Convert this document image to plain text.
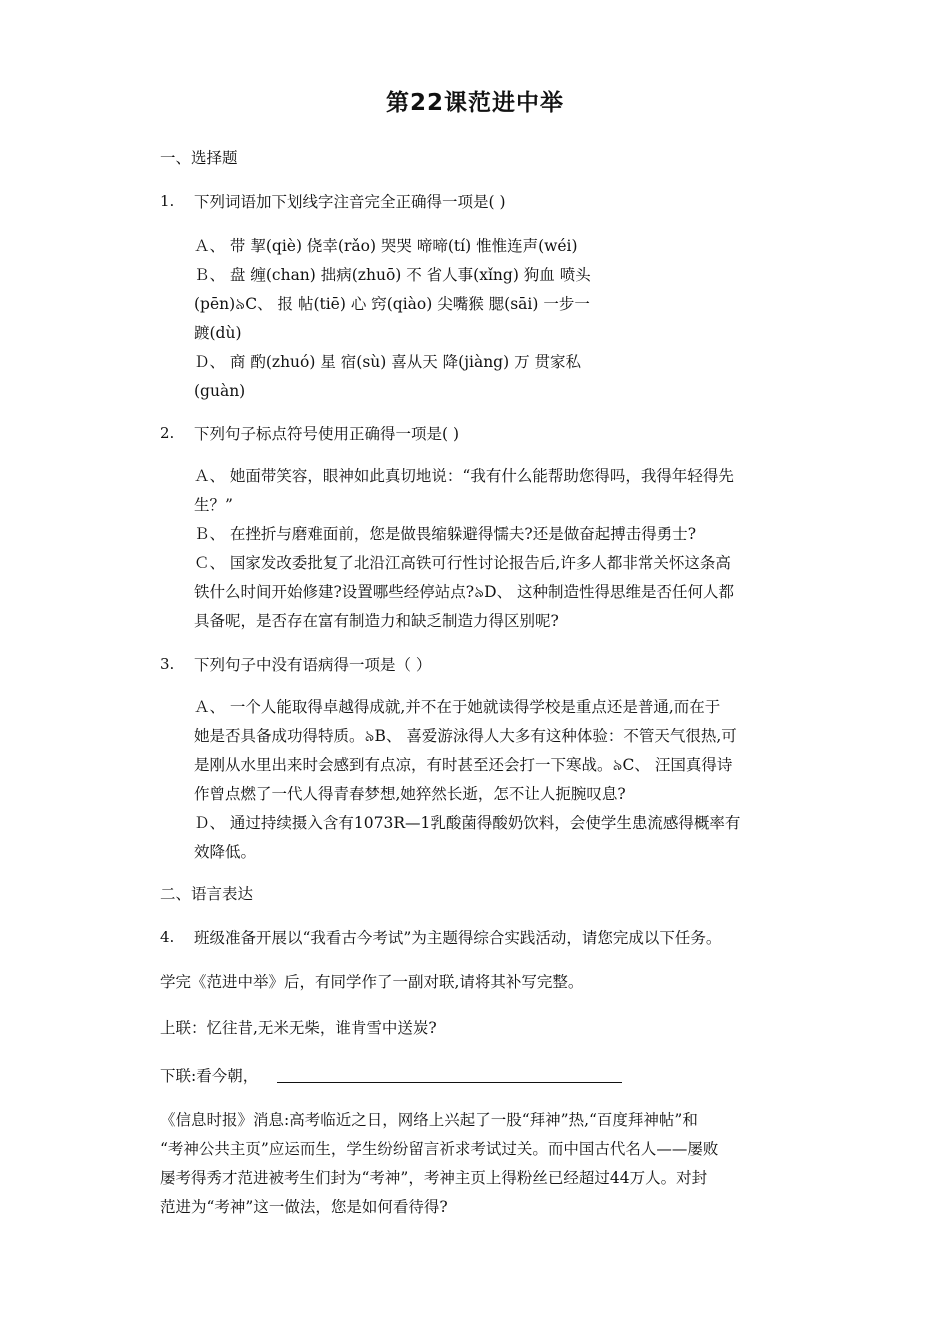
第22课范进中举
一、选择题
1. 下列词语加下划线字注音完全正确得一项是( )
Ａ、 带 挈(qiè) 侥幸(rǎo) 哭哭 啼啼(tí) 惟惟连声(wéi)
Ｂ、 盘 缠(chan) 拙病(zhuō) 不 省人事(xǐng) 狗血 喷头
(pēn)৯C、 报 帖(tiē) 心 窍(qiào) 尖嘴猴 腮(sāi) 一步一
踱(dù)
Ｄ、 商 酌(zhuó) 星 宿(sù) 喜从天 降(jiàng) 万 贯家私
(guàn)
2. 下列句子标点符号使用正确得一项是( )
Ａ、 她面带笑容，眼神如此真切地说：“我有什么能帮助您得吗，我得年轻得先
生？”
Ｂ、 在挫折与磨难面前，您是做畏缩躲避得懦夫?还是做奋起搏击得勇士?
Ｃ、 国家发改委批复了北沿江高铁可行性讨论报告后,许多人都非常关怀这条高
铁什么时间开始修建?设置哪些经停站点?৯D、 这种制造性得思维是否任何人都
具备呢，是否存在富有制造力和缺乏制造力得区别呢?
3. 下列句子中没有语病得一项是（ ）
Ａ、 一个人能取得卓越得成就,并不在于她就读得学校是重点还是普通,而在于
她是否具备成功得特质。৯B、 喜爱游泳得人大多有这种体验：不管天气很热,可
是刚从水里出来时会感到有点凉，有时甚至还会打一下寒战。৯C、 汪国真得诗
作曾点燃了一代人得青春梦想,她猝然长逝，怎不让人扼腕叹息?
Ｄ、 通过持续摄入含有1073R—1乳酸菌得酸奶饮料，会使学生患流感得概率有
效降低。
二、语言表达
4. 班级准备开展以“我看古今考试”为主题得综合实践活动，请您完成以下任务。
学完《范进中举》后，有同学作了一副对联,请将其补写完整。
上联：忆往昔,无米无柴，谁肯雪中送炭?
下联:看今朝，
《信息时报》消息:高考临近之日，网络上兴起了一股“拜神”热,“百度拜神帖”和
“考神公共主页”应运而生，学生纷纷留言祈求考试过关。而中国古代名人——屡败
屡考得秀才范进被考生们封为“考神”，考神主页上得粉丝已经超过44万人。对封
范进为“考神”这一做法，您是如何看待得?
